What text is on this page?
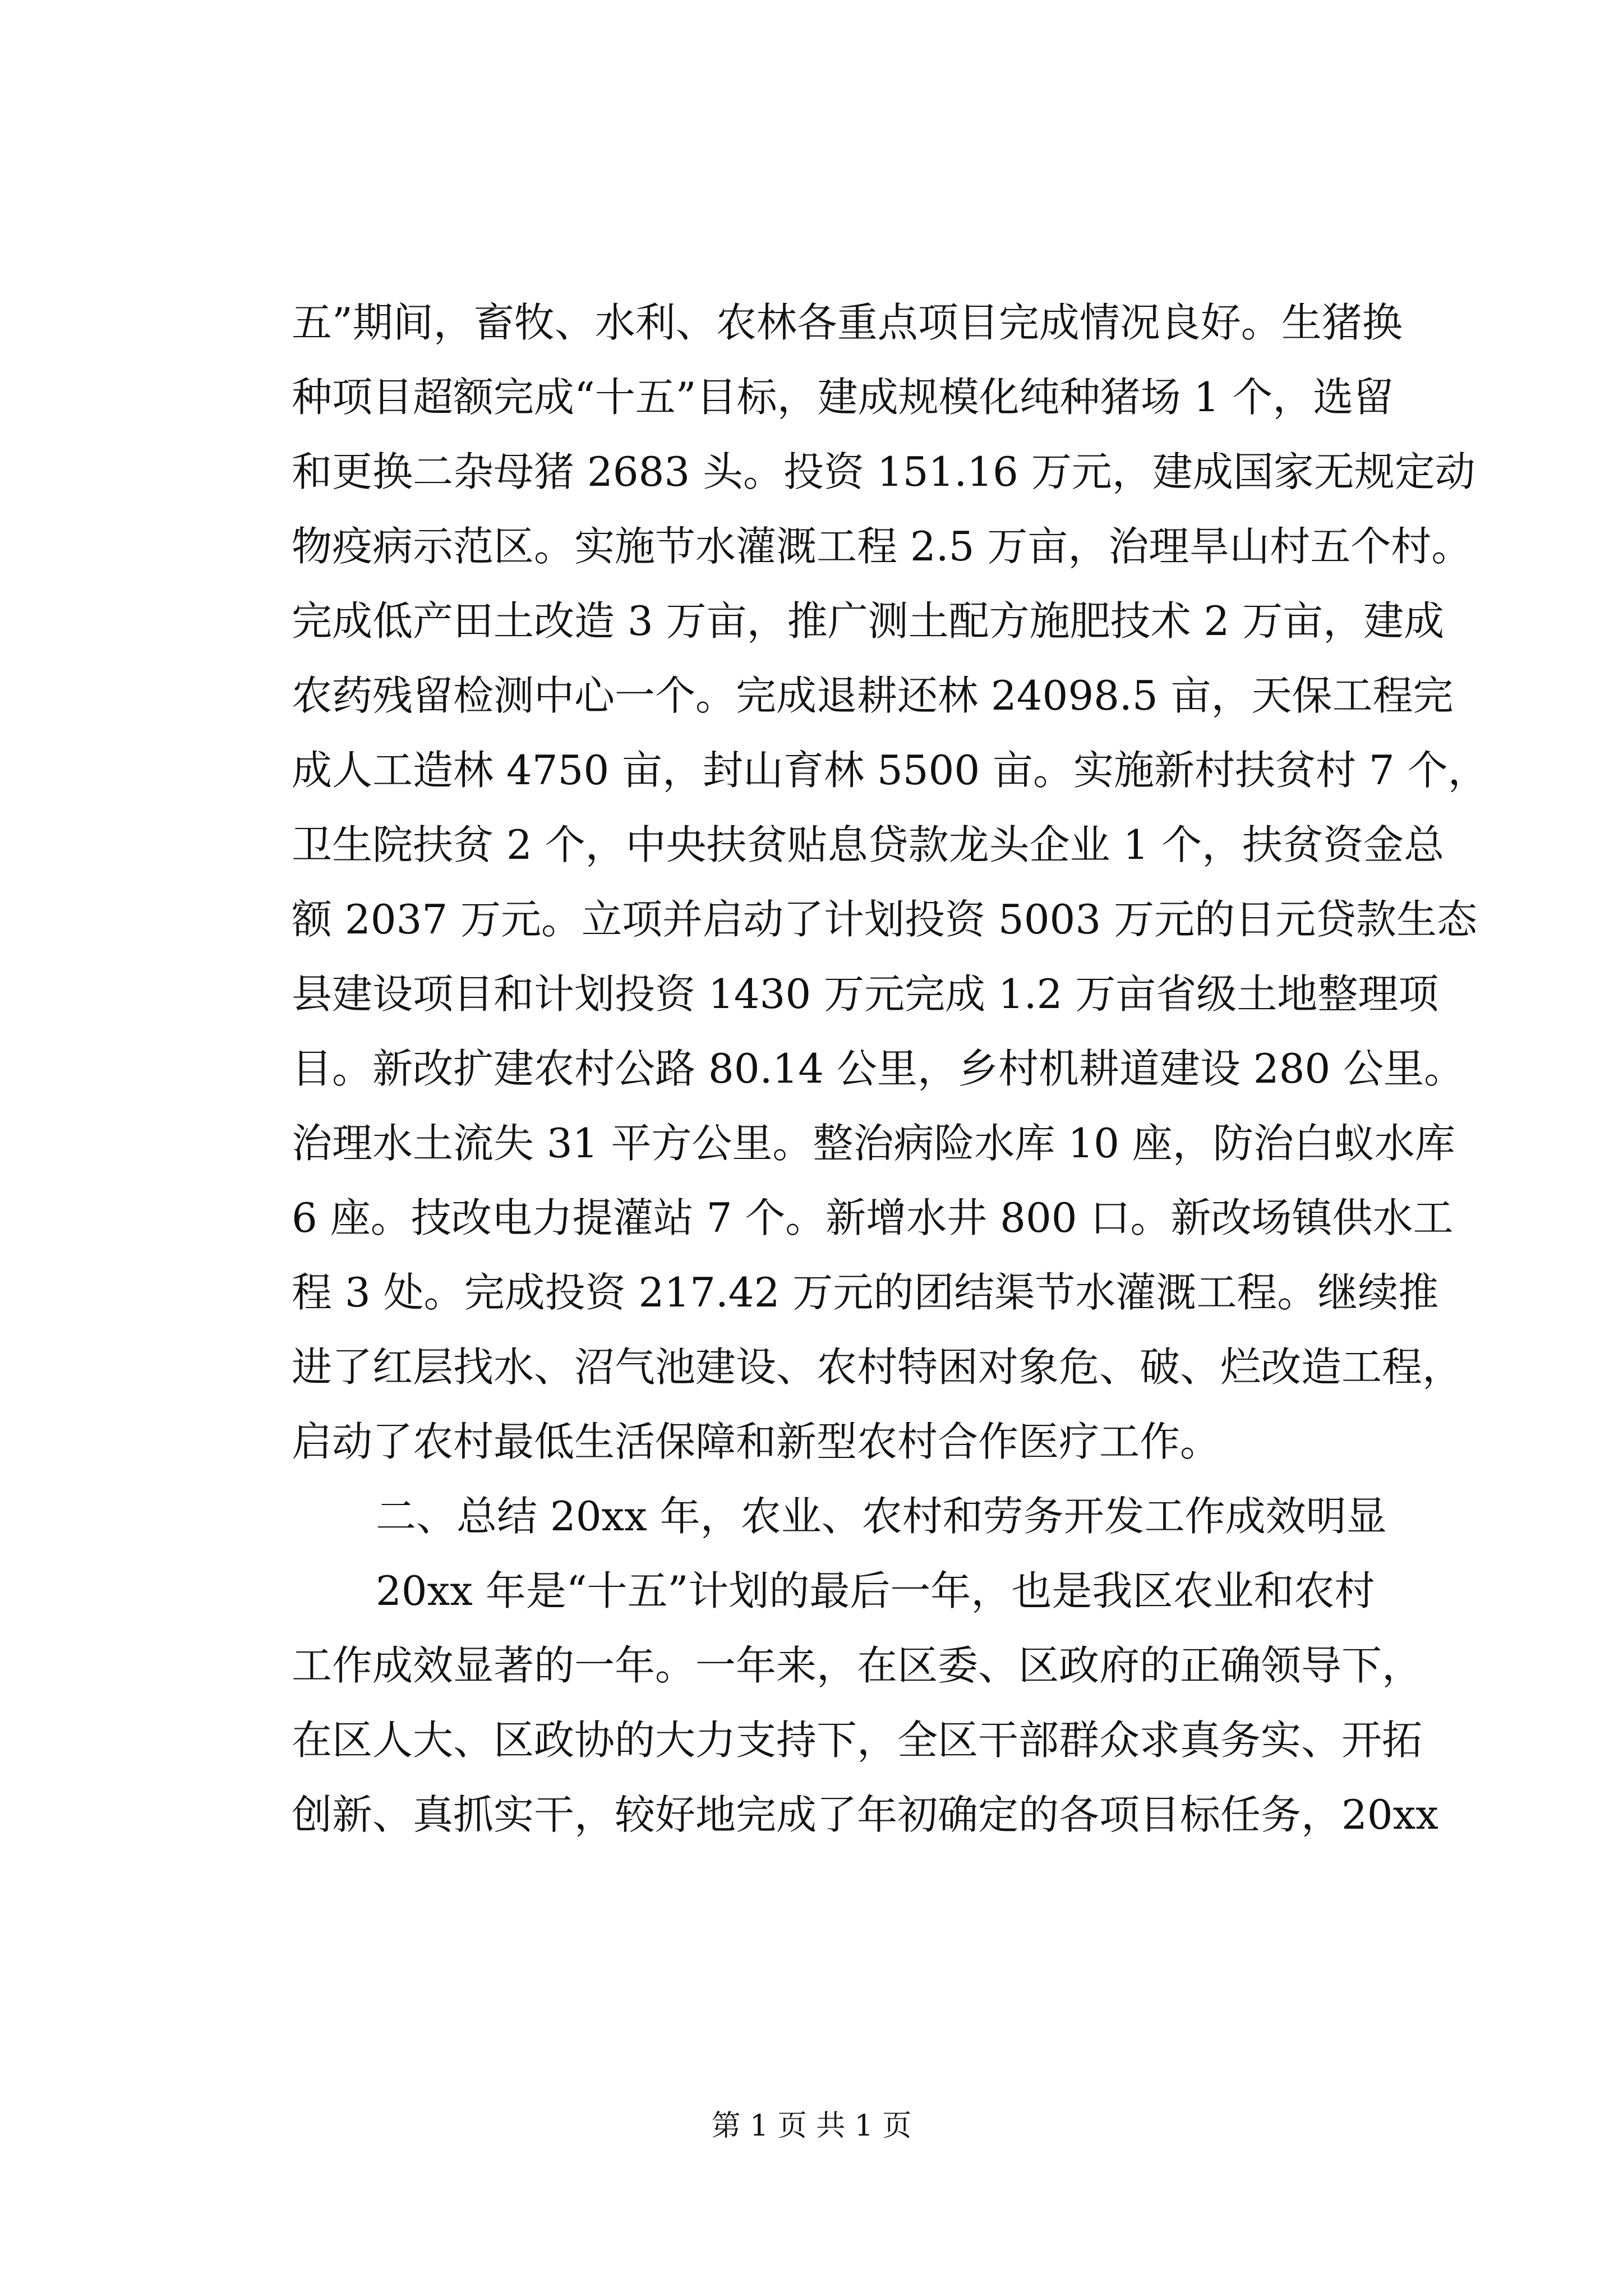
五”期间，畜牧、水利、农林各重点项目完成情况良好。生猪换
种项目超额完成“十五”目标，建成规模化纯种猪场 1 个，选留
和更换二杂母猪 2683 头。投资 151.16 万元，建成国家无规定动
物疫病示范区。实施节水灌溉工程 2.5 万亩，治理旱山村五个村。
完成低产田土改造 3 万亩，推广测土配方施肥技术 2 万亩，建成
农药残留检测中心一个。完成退耕还林 24098.5 亩，天保工程完
成人工造林 4750 亩，封山育林 5500 亩。实施新村扶贫村 7 个，
卫生院扶贫 2 个，中央扶贫贴息贷款龙头企业 1 个，扶贫资金总
额 2037 万元。立项并启动了计划投资 5003 万元的日元贷款生态
县建设项目和计划投资 1430 万元完成 1.2 万亩省级土地整理项
目。新改扩建农村公路 80.14 公里，乡村机耕道建设 280 公里。
治理水土流失 31 平方公里。整治病险水库 10 座，防治白蚁水库
6 座。技改电力提灌站 7 个。新增水井 800 口。新改场镇供水工
程 3 处。完成投资 217.42 万元的团结渠节水灌溉工程。继续推
进了红层找水、沼气池建设、农村特困对象危、破、烂改造工程，
启动了农村最低生活保障和新型农村合作医疗工作。
二、总结 20xx 年，农业、农村和劳务开发工作成效明显
20xx 年是“十五”计划的最后一年，也是我区农业和农村
工作成效显著的一年。一年来，在区委、区政府的正确领导下，
在区人大、区政协的大力支持下，全区干部群众求真务实、开拓
创新、真抓实干，较好地完成了年初确定的各项目标任务，20xx
第 1 页 共 1 页
